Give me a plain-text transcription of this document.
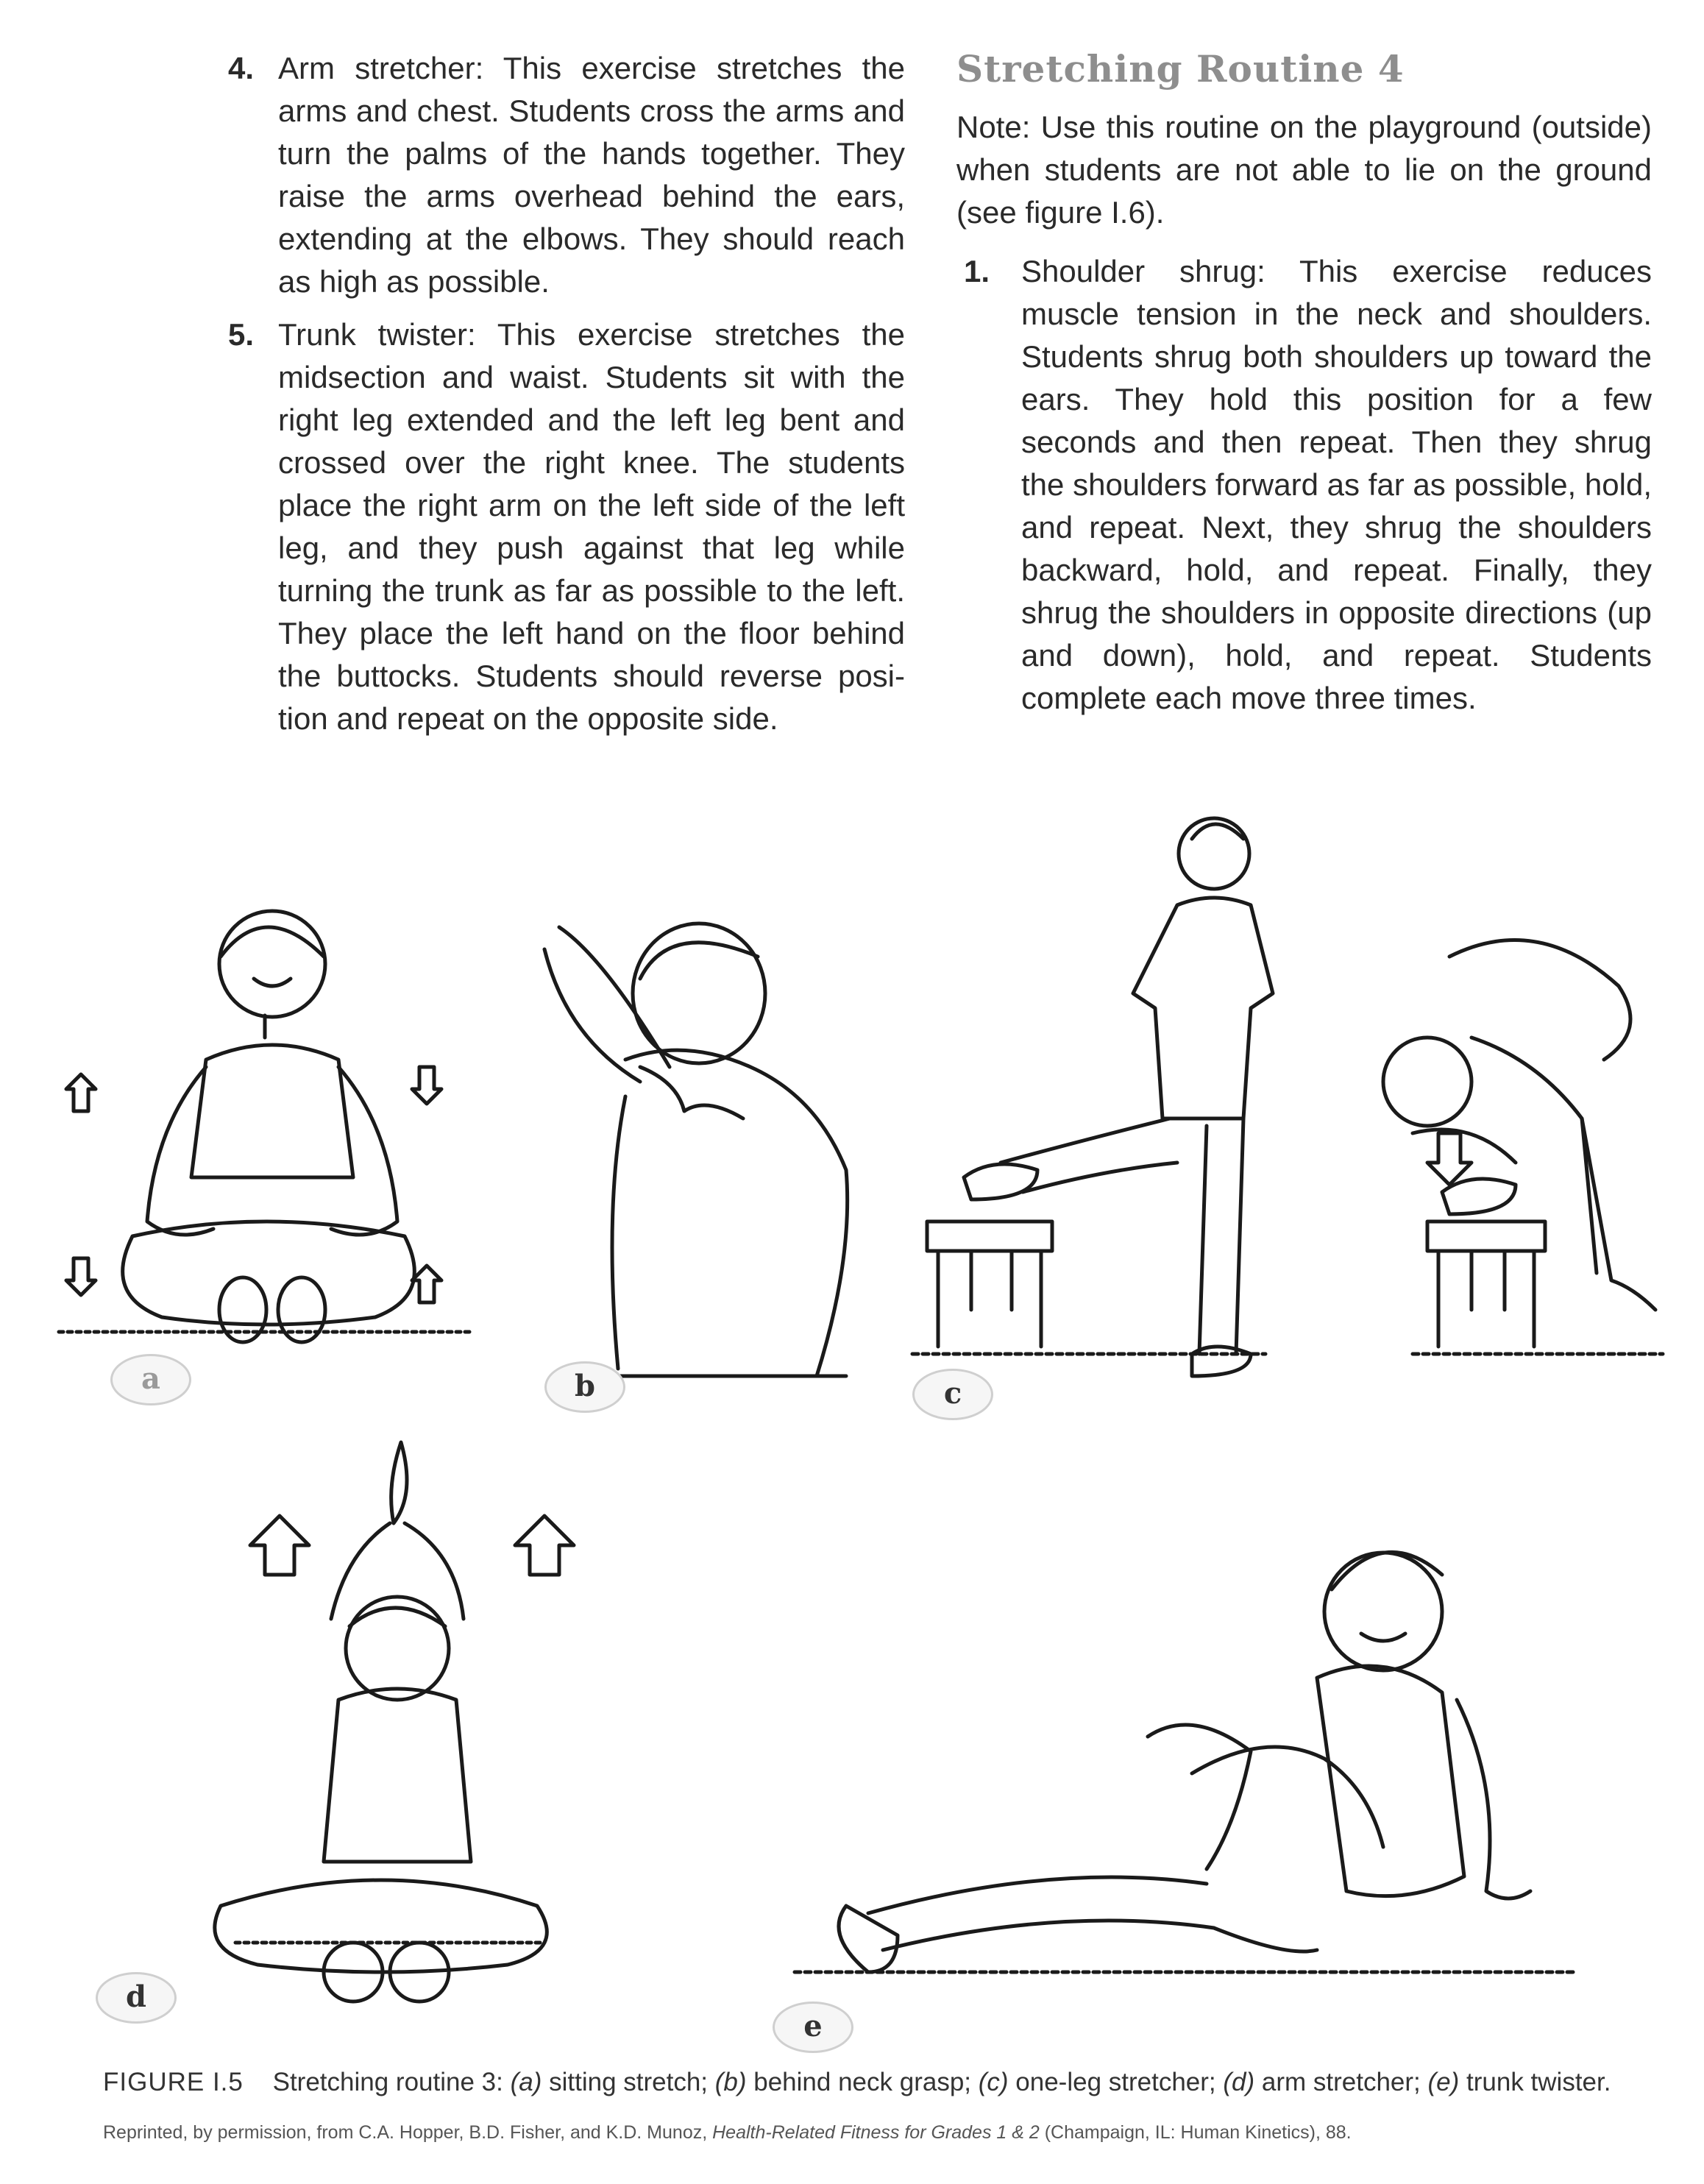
4. Arm stretcher: This exercise stretches the arms and chest. Students cross the arms and turn the palms of the hands together. They raise the arms overhead behind the ears, extending at the elbows. They should reach as high as possible.
5. Trunk twister: This exercise stretches the midsection and waist. Students sit with the right leg extended and the left leg bent and crossed over the right knee. The students place the right arm on the left side of the left leg, and they push against that leg while turning the trunk as far as possible to the left. They place the left hand on the floor behind the buttocks. Students should reverse posi-tion and repeat on the opposite side.
Stretching Routine 4

Note: Use this routine on the playground (outside) when students are not able to lie on the ground (see figure I.6).

1. Shoulder shrug: This exercise reduces muscle tension in the neck and shoulders. Students shrug both shoulders up toward the ears. They hold this position for a few seconds and then repeat. Then they shrug the shoulders forward as far as possible, hold, and repeat. Next, they shrug the shoulders backward, hold, and repeat. Finally, they shrug the shoulders in opposite directions (up and down), hold, and repeat. Students complete each move three times.
a	b	c
d
e
FIGURE I.5 Stretching routine 3: (a) sitting stretch; (b) behind neck grasp; (c) one-leg stretcher; (d) arm stretcher; (e) trunk twister.
Reprinted, by permission, from C.A. Hopper, B.D. Fisher, and K.D. Munoz, Health-Related Fitness for Grades 1 & 2 (Champaign, IL: Human Kinetics), 88.
